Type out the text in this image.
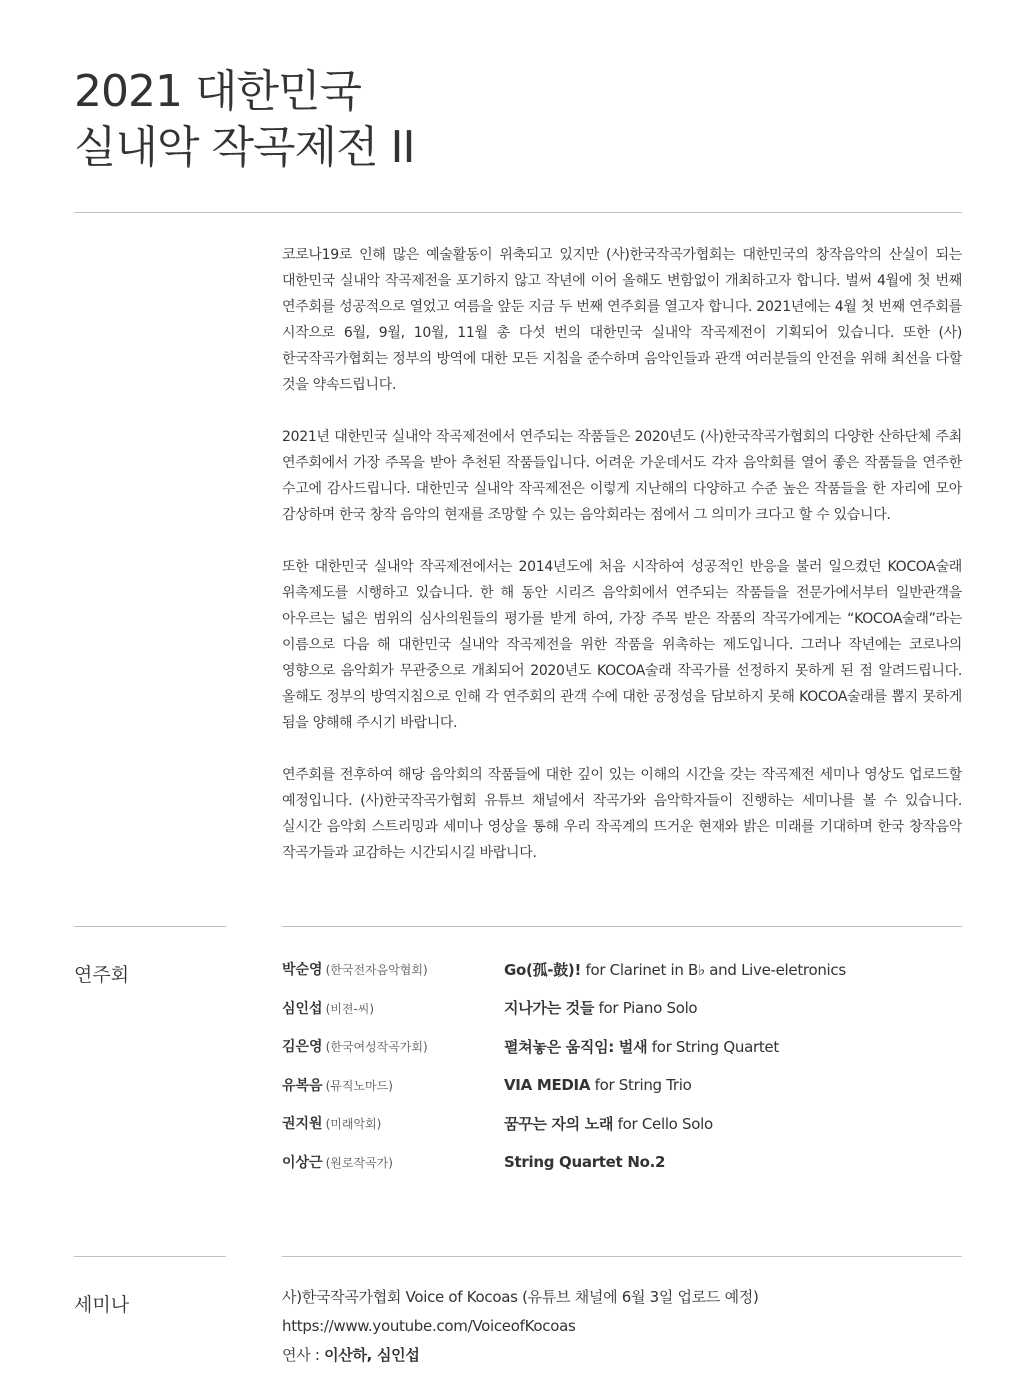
2021 대한민국
실내악 작곡제전 II

코로나19로 인해 많은 예술활동이 위축되고 있지만 (사)한국작곡가협회는 대한민국의 창작음악의 산실이 되는 대한민국 실내악 작곡제전을 포기하지 않고 작년에 이어 올해도 변함없이 개최하고자 합니다. 벌써 4월에 첫 번째 연주회를 성공적으로 열었고 여름을 앞둔 지금 두 번째 연주회를 열고자 합니다. 2021년에는 4월 첫 번째 연주회를 시작으로 6월, 9월, 10월, 11월 총 다섯 번의 대한민국 실내악 작곡제전이 기획되어 있습니다. 또한 (사)한국작곡가협회는 정부의 방역에 대한 모든 지침을 준수하며 음악인들과 관객 여러분들의 안전을 위해 최선을 다할 것을 약속드립니다.

2021년 대한민국 실내악 작곡제전에서 연주되는 작품들은 2020년도 (사)한국작곡가협회의 다양한 산하단체 주최 연주회에서 가장 주목을 받아 추천된 작품들입니다. 어려운 가운데서도 각자 음악회를 열어 좋은 작품들을 연주한 수고에 감사드립니다. 대한민국 실내악 작곡제전은 이렇게 지난해의 다양하고 수준 높은 작품들을 한 자리에 모아 감상하며 한국 창작 음악의 현재를 조망할 수 있는 음악회라는 점에서 그 의미가 크다고 할 수 있습니다.

또한 대한민국 실내악 작곡제전에서는 2014년도에 처음 시작하여 성공적인 반응을 불러 일으켰던 KOCOA술래 위촉제도를 시행하고 있습니다. 한 해 동안 시리즈 음악회에서 연주되는 작품들을 전문가에서부터 일반관객을 아우르는 넓은 범위의 심사의원들의 평가를 받게 하여, 가장 주목 받은 작품의 작곡가에게는 “KOCOA술래”라는 이름으로 다음 해 대한민국 실내악 작곡제전을 위한 작품을 위촉하는 제도입니다. 그러나 작년에는 코로나의 영향으로 음악회가 무관중으로 개최되어 2020년도 KOCOA술래 작곡가를 선정하지 못하게 된 점 알려드립니다. 올해도 정부의 방역지침으로 인해 각 연주회의 관객 수에 대한 공정성을 담보하지 못해 KOCOA술래를 뽑지 못하게 됨을 양해해 주시기 바랍니다.

연주회를 전후하여 해당 음악회의 작품들에 대한 깊이 있는 이해의 시간을 갖는 작곡제전 세미나 영상도 업로드할 예정입니다. (사)한국작곡가협회 유튜브 채널에서 작곡가와 음악학자들이 진행하는 세미나를 볼 수 있습니다. 실시간 음악회 스트리밍과 세미나 영상을 통해 우리 작곡계의 뜨거운 현재와 밝은 미래를 기대하며 한국 창작음악 작곡가들과 교감하는 시간되시길 바랍니다.

연주회	박순영 (한국전자음악협회)	Go(孤-鼓)! for Clarinet in B♭ and Live-eletronics
심인섭 (비젼-씨)	지나가는 것들 for Piano Solo
김은영 (한국여성작곡가회)	펼쳐놓은 움직임: 벌새 for String Quartet
유복음 (뮤직노마드)	VIA MEDIA for String Trio
권지원 (미래악회)	꿈꾸는 자의 노래 for Cello Solo
이상근 (원로작곡가)	String Quartet No.2
세미나	사)한국작곡가협회 Voice of Kocoas (유튜브 채널에 6월 3일 업로드 예정)
https://www.youtube.com/VoiceofKocoas
연사 : 이산하, 심인섭
